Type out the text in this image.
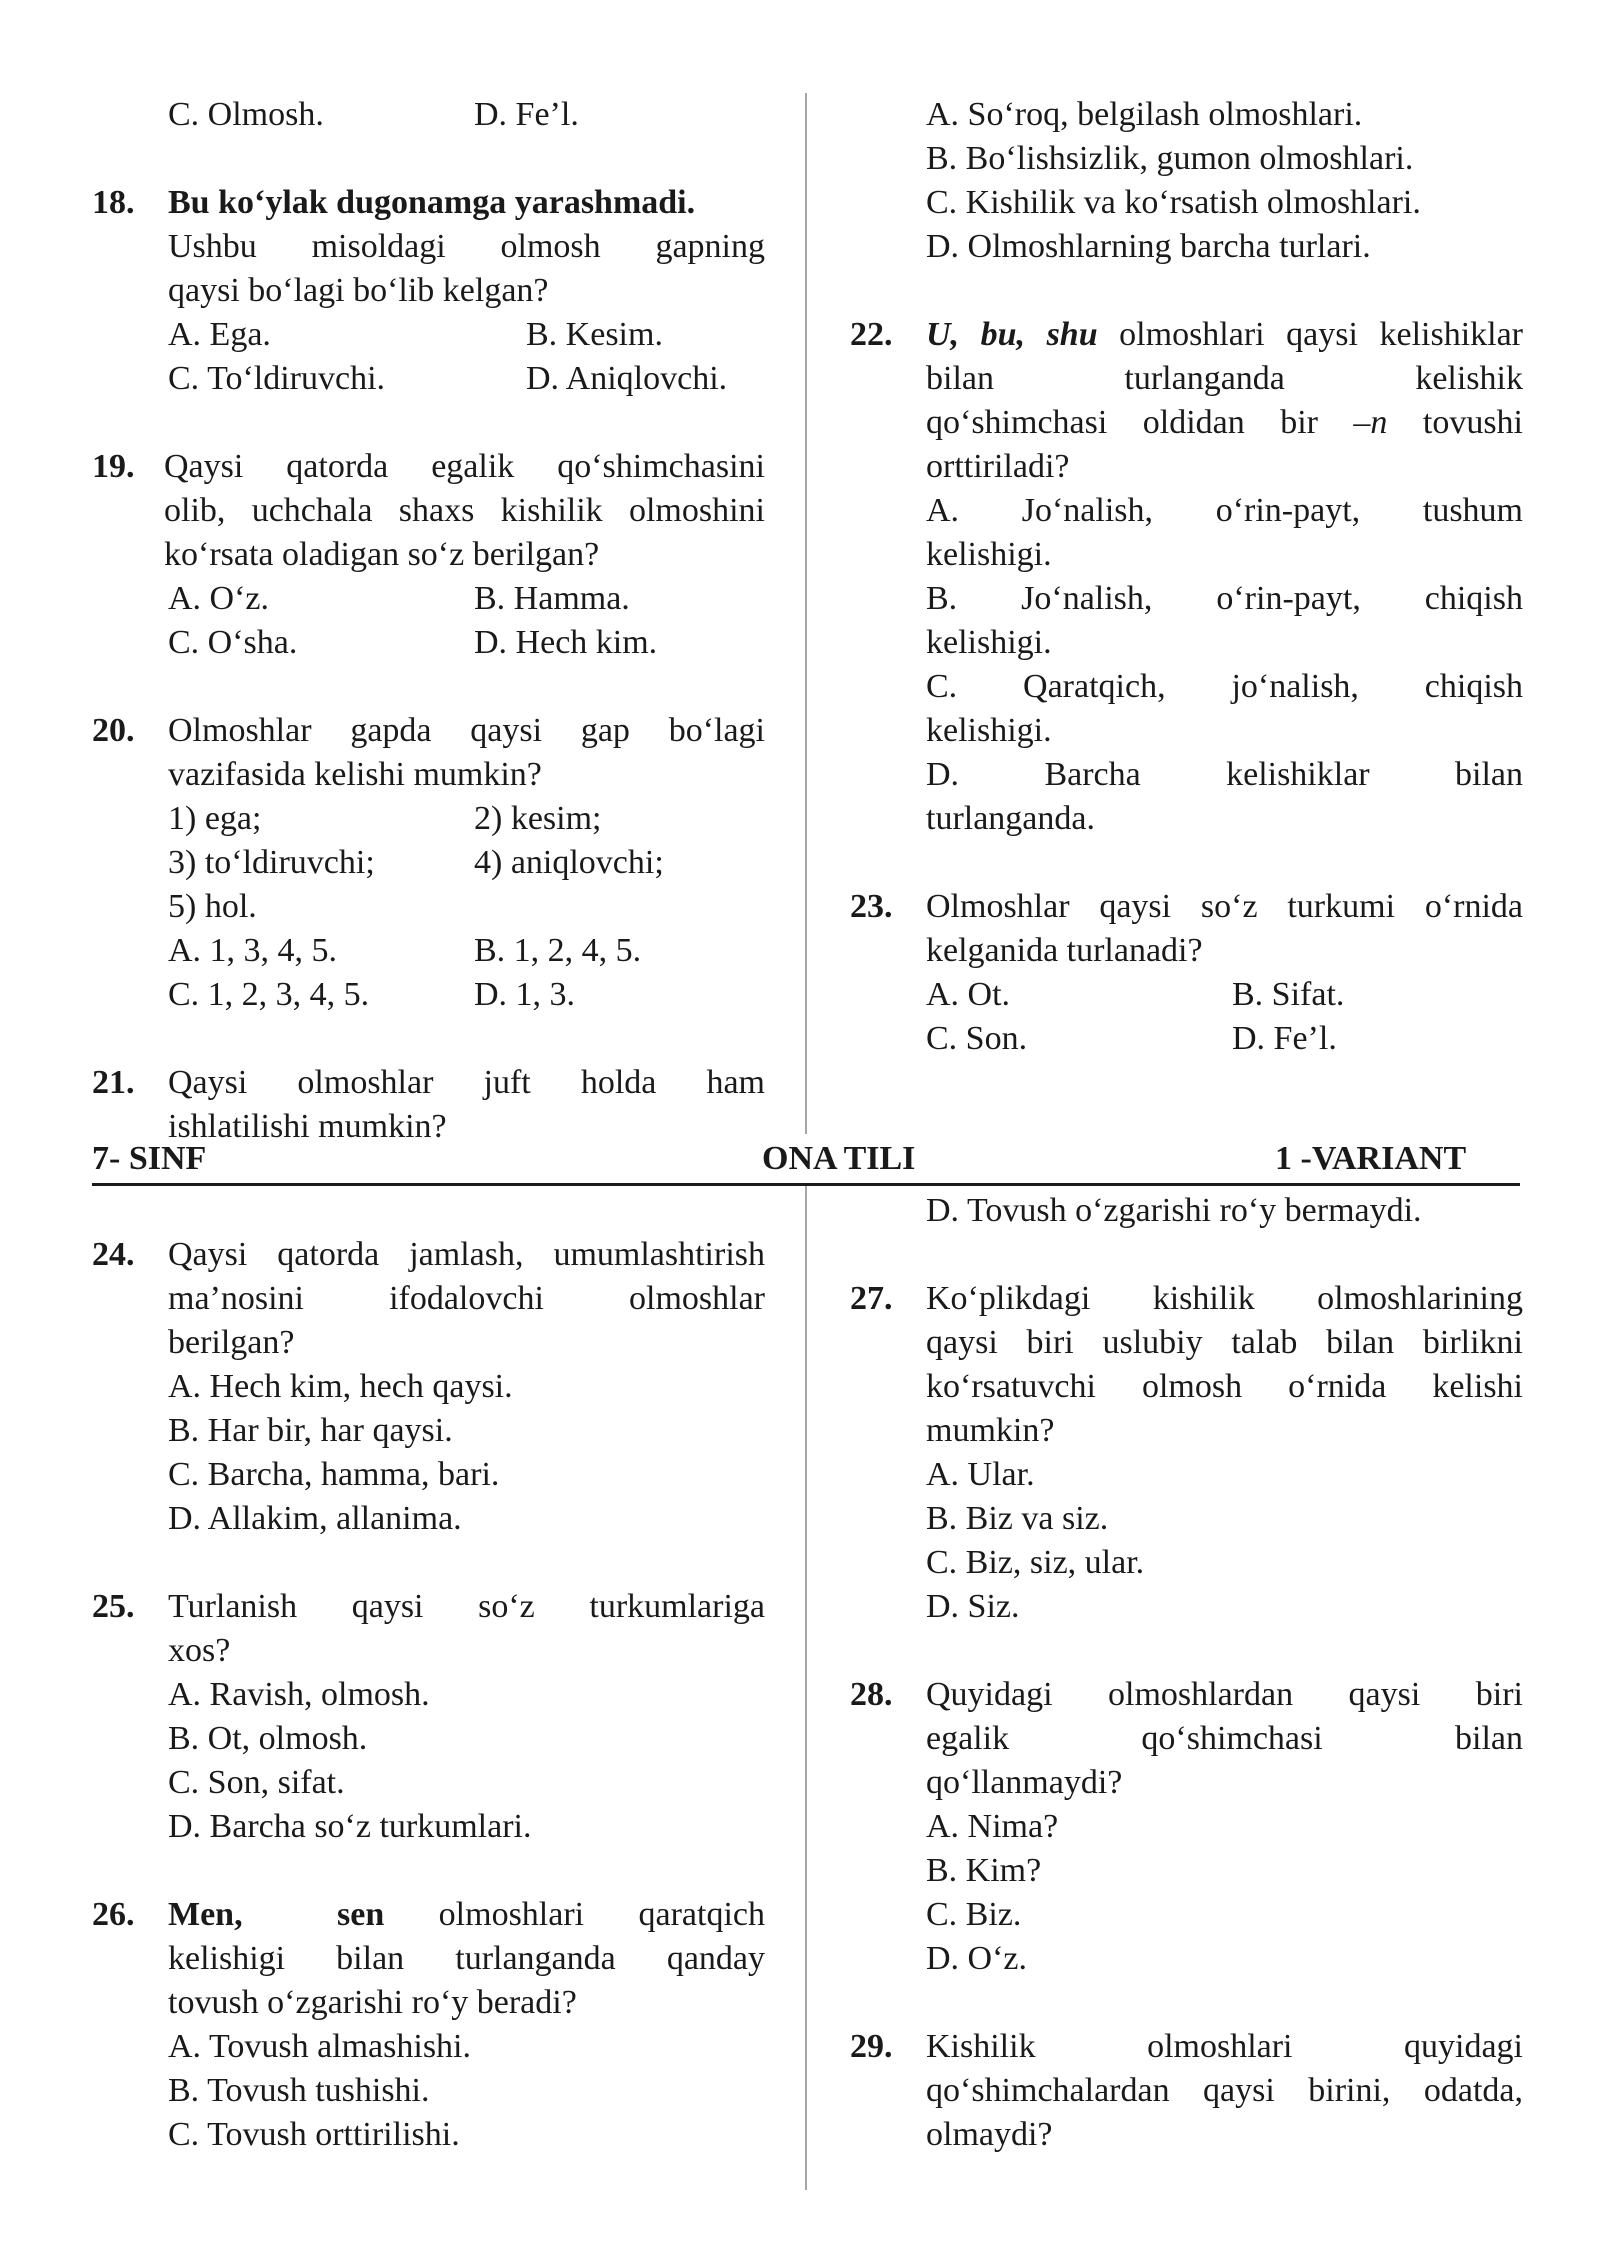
C. Olmosh.	D. Fe’l.
18. Bu ko‘ylak dugonamga yarashmadi.
Ushbu misoldagi olmosh gapning
qaysi bo‘lagi bo‘lib kelgan?
A. Ega.	B. Kesim.
C. To‘ldiruvchi.	D. Aniqlovchi.
19. Qaysi qatorda egalik qo‘shimchasini
olib, uchchala shaxs kishilik olmoshini
ko‘rsata oladigan so‘z berilgan?
A. O‘z.	B. Hamma.
C. O‘sha.	D. Hech kim.
20. Olmoshlar gapda qaysi gap bo‘lagi
vazifasida kelishi mumkin?
1) ega;	2) kesim;
3) to‘ldiruvchi;	4) aniqlovchi;
5) hol.
A. 1, 3, 4, 5.	B. 1, 2, 4, 5.
C. 1, 2, 3, 4, 5.	D. 1, 3.
21. Qaysi olmoshlar juft holda ham
ishlatilishi mumkin?
A. So‘roq, belgilash olmoshlari.
B. Bo‘lishsizlik, gumon olmoshlari.
C. Kishilik va ko‘rsatish olmoshlari.
D. Olmoshlarning barcha turlari.
22. U, bu, shu olmoshlari qaysi kelishiklar
bilan	turlanganda	kelishik
qo‘shimchasi oldidan bir –n tovushi
orttiriladi?
A. Jo‘nalish, o‘rin-payt, tushum
kelishigi.
B. Jo‘nalish, o‘rin-payt, chiqish
kelishigi.
C. Qaratqich, jo‘nalish, chiqish
kelishigi.
D. Barcha kelishiklar bilan
turlanganda.
23. Olmoshlar qaysi so‘z turkumi o‘rnida
kelganida turlanadi?
A. Ot.	B. Sifat.
C. Son.	D. Fe’l.
7- SINF	ONA TILI	1 -VARIANT
24. Qaysi qatorda jamlash, umumlashtirish
ma’nosini ifodalovchi olmoshlar
berilgan?
A. Hech kim, hech qaysi.
B. Har bir, har qaysi.
C. Barcha, hamma, bari.
D. Allakim, allanima.
25. Turlanish qaysi so‘z turkumlariga
xos?
A. Ravish, olmosh.
B. Ot, olmosh.
C. Son, sifat.
D. Barcha so‘z turkumlari.
26. Men, sen olmoshlari qaratqich
kelishigi bilan turlanganda qanday
tovush o‘zgarishi ro‘y beradi?
A. Tovush almashishi.
B. Tovush tushishi.
C. Tovush orttirilishi.
D. Tovush o‘zgarishi ro‘y bermaydi.
27. Ko‘plikdagi kishilik olmoshlarining
qaysi biri uslubiy talab bilan birlikni
ko‘rsatuvchi olmosh o‘rnida kelishi
mumkin?
A. Ular.
B. Biz va siz.
C. Biz, siz, ular.
D. Siz.
28. Quyidagi olmoshlardan qaysi biri
egalik qo‘shimchasi bilan
qo‘llanmaydi?
A. Nima?
B. Kim?
C. Biz.
D. O‘z.
29. Kishilik olmoshlari quyidagi
qo‘shimchalardan qaysi birini, odatda,
olmaydi?
